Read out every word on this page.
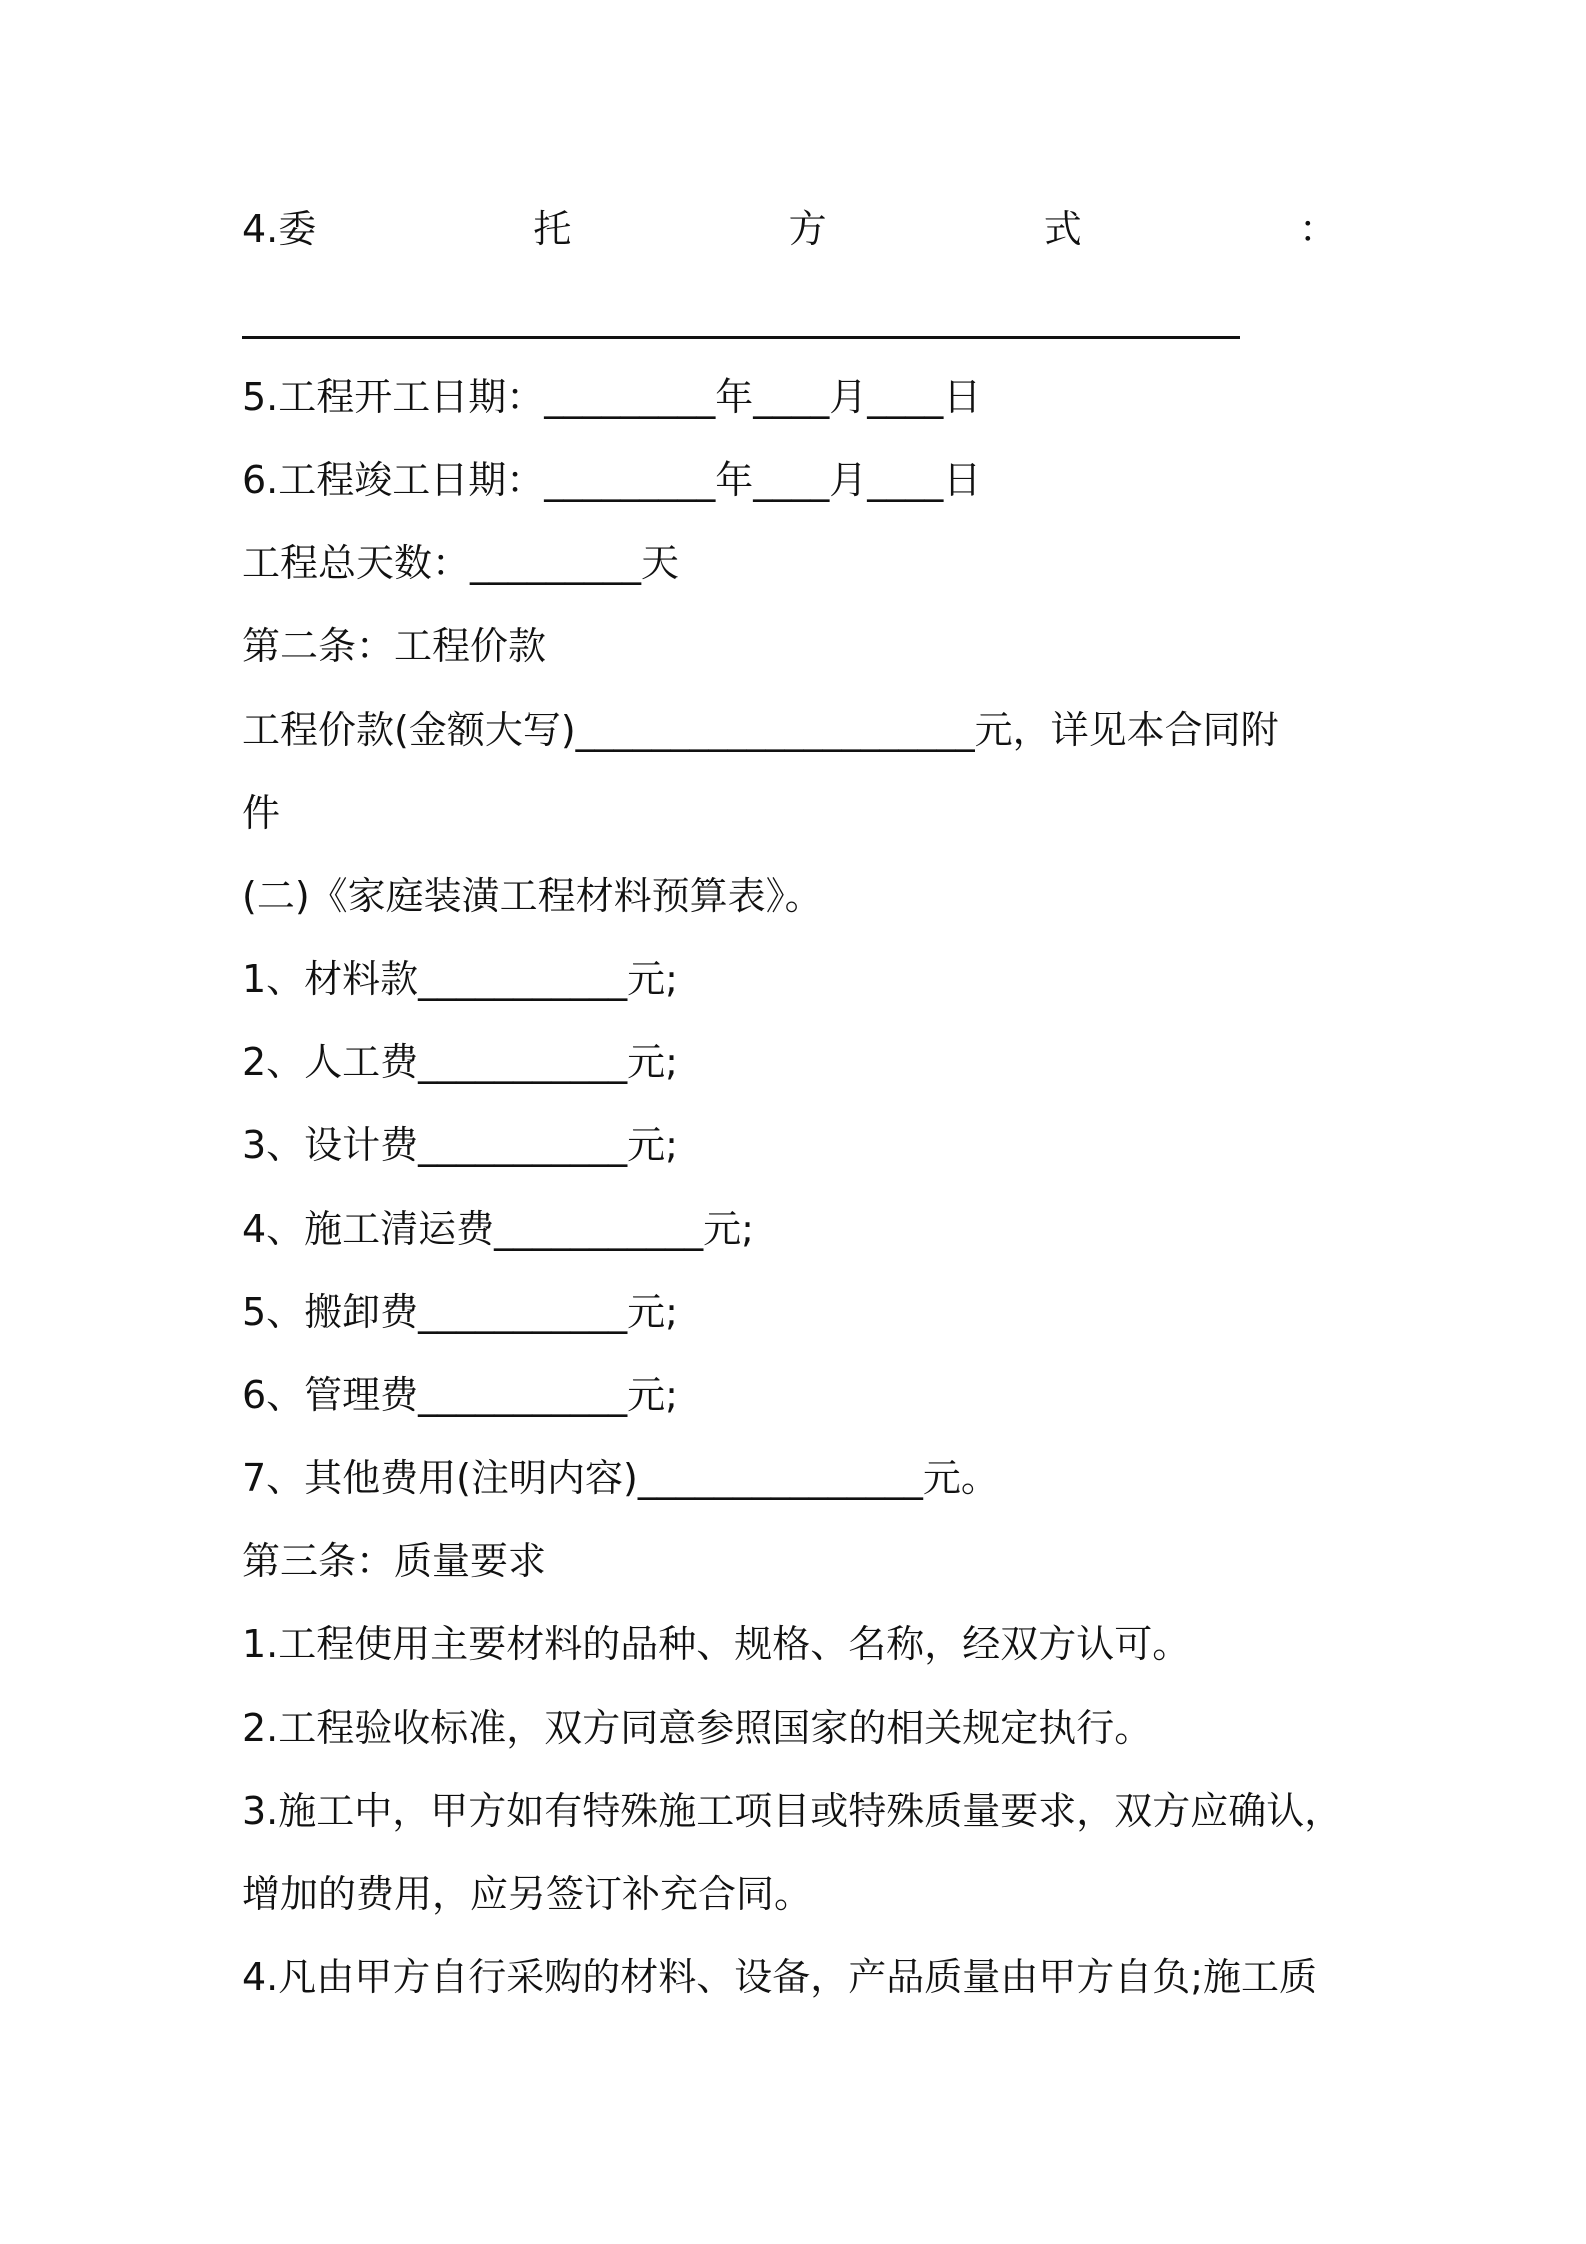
4.委	托	方	式	：
5.工程开工日期：_________年____月____日
6.工程竣工日期：_________年____月____日
工程总天数：_________天
第二条：工程价款
工程价款(金额大写)_____________________元，详见本合同附
件
(二)《家庭装潢工程材料预算表》。
1、材料款___________元;
2、人工费___________元;
3、设计费___________元;
4、施工清运费___________元;
5、搬卸费___________元;
6、管理费___________元;
7、其他费用(注明内容)_______________元。
第三条：质量要求
1.工程使用主要材料的品种、规格、名称，经双方认可。
2.工程验收标准，双方同意参照国家的相关规定执行。
3.施工中，甲方如有特殊施工项目或特殊质量要求，双方应确认，
增加的费用，应另签订补充合同。
4.凡由甲方自行采购的材料、设备，产品质量由甲方自负;施工质
